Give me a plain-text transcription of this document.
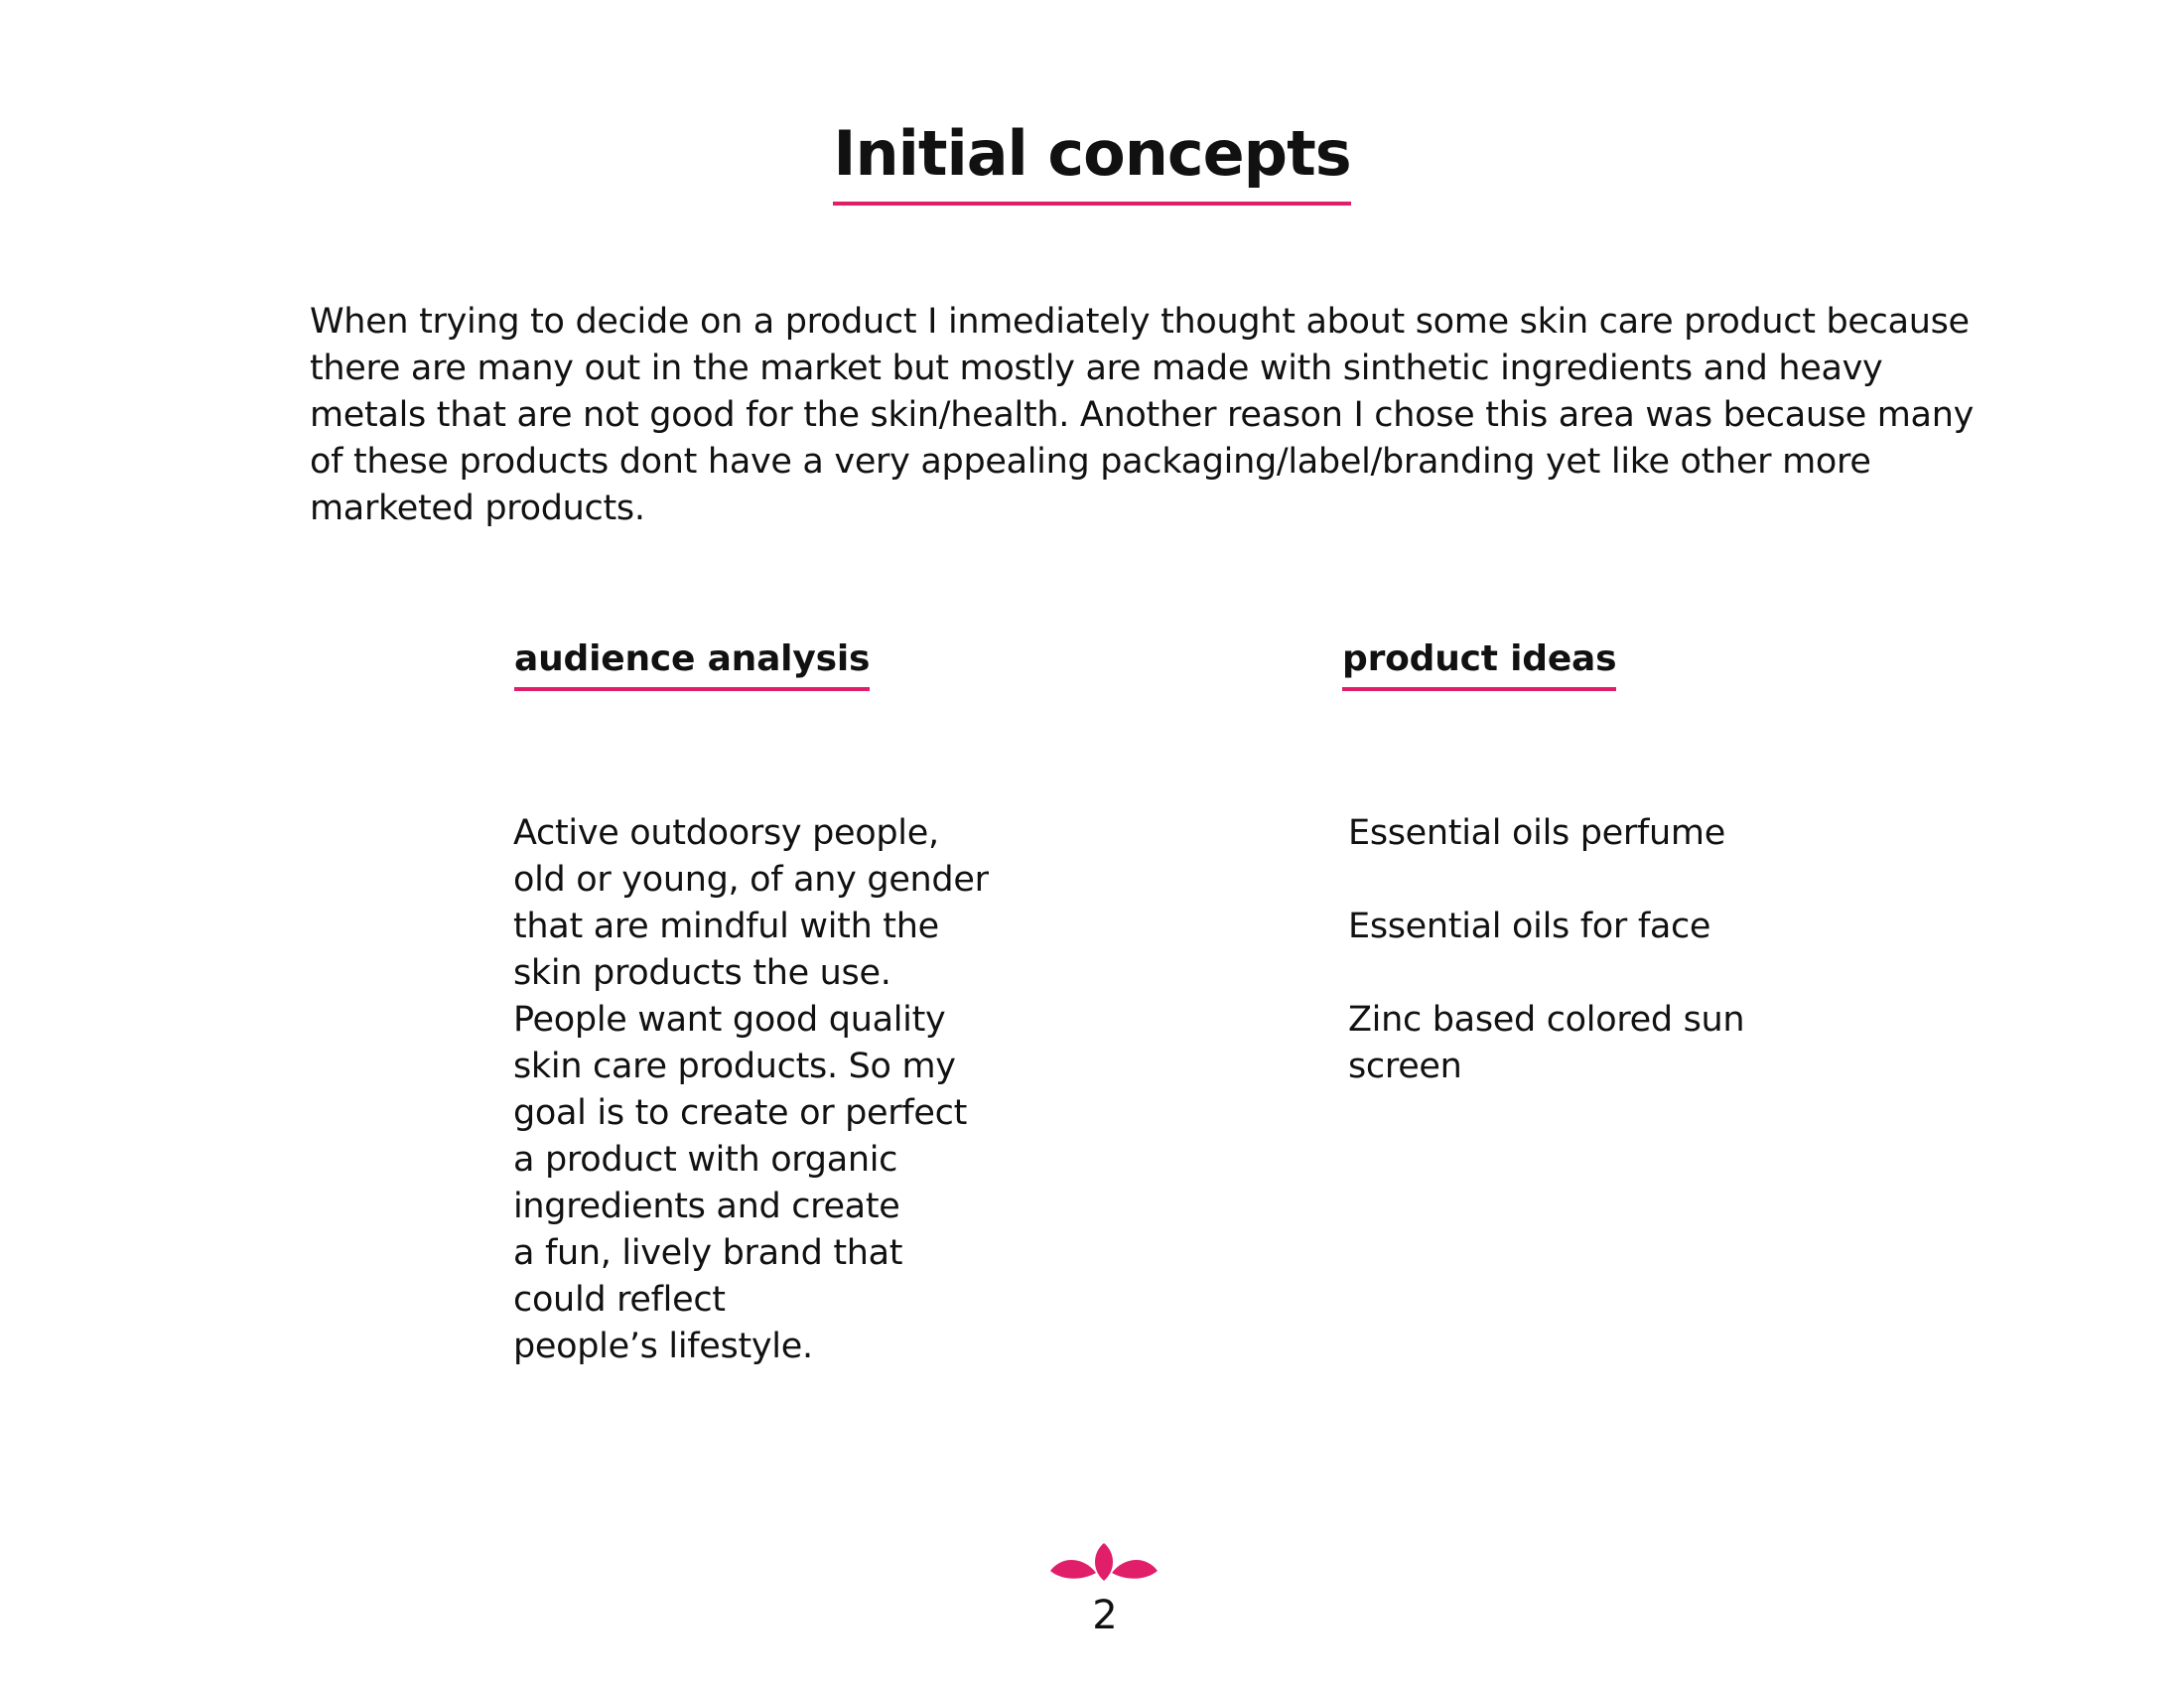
Initial concepts

When trying to decide on a product I inmediately thought about some skin care product because there are many out in the market but mostly are made with sinthetic ingredients and heavy metals that are not good for the skin/health. Another reason I chose this area was because many of these products dont have a very appealing packaging/label/branding yet like other more marketed products.

audience analysis	product ideas

Active outdoorsy people,
old or young, of any gender
that are mindful with the
skin products the use.
People want good quality
skin care products. So my
goal is to create or perfect
a product with organic
ingredients and create
a fun, lively brand that
could reflect
people’s lifestyle.

Essential oils perfume
Essential oils for face
Zinc based colored sun
screen

2
